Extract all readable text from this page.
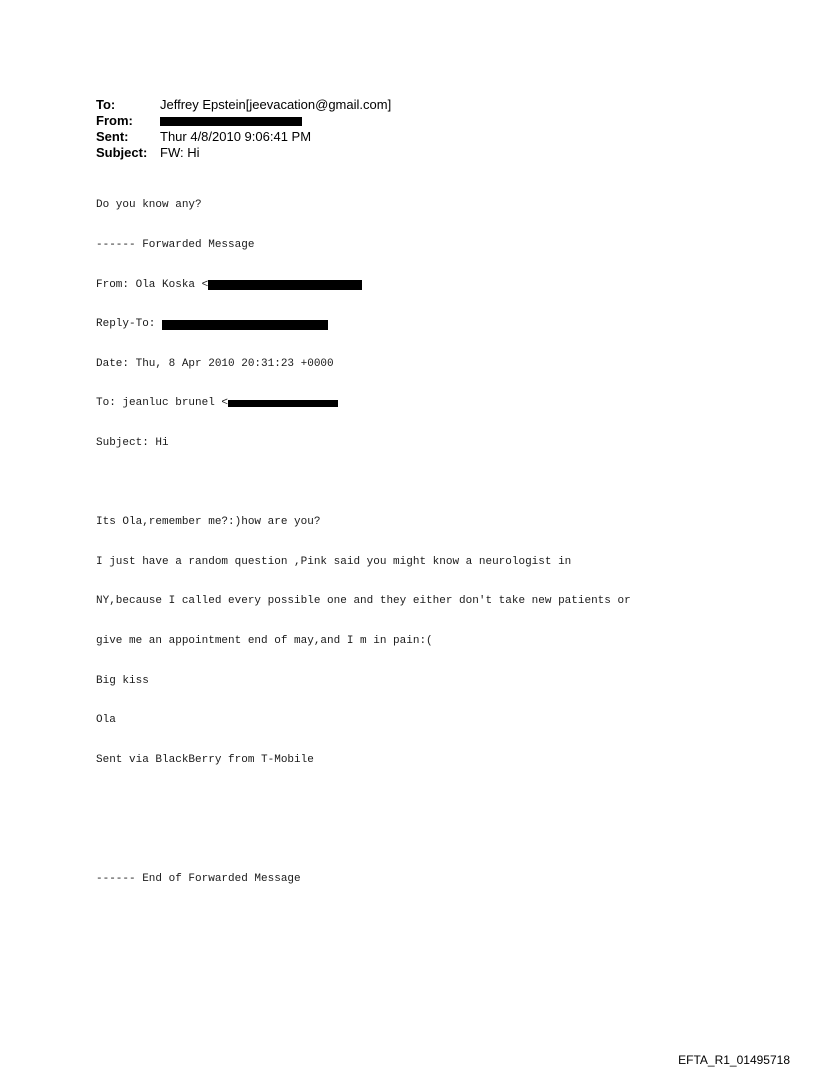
To:	Jeffrey Epstein[jeevacation@gmail.com]
From:
Sent:	Thur 4/8/2010 9:06:41 PM
Subject: FW: Hi

Do you know any?

------ Forwarded Message

From: Ola Koska <

Reply-To:

Date: Thu, 8 Apr 2010 20:31:23 +0000

To: jeanluc brunel <

Subject: Hi

Its Ola,remember me?:)how are you?

I just have a random question ,Pink said you might know a neurologist in

NY,because I called every possible one and they either don't take new patients or

give me an appointment end of may,and I m in pain:(

Big kiss

Ola

Sent via BlackBerry from T-Mobile

------ End of Forwarded Message

EFTA_R1_01495718
